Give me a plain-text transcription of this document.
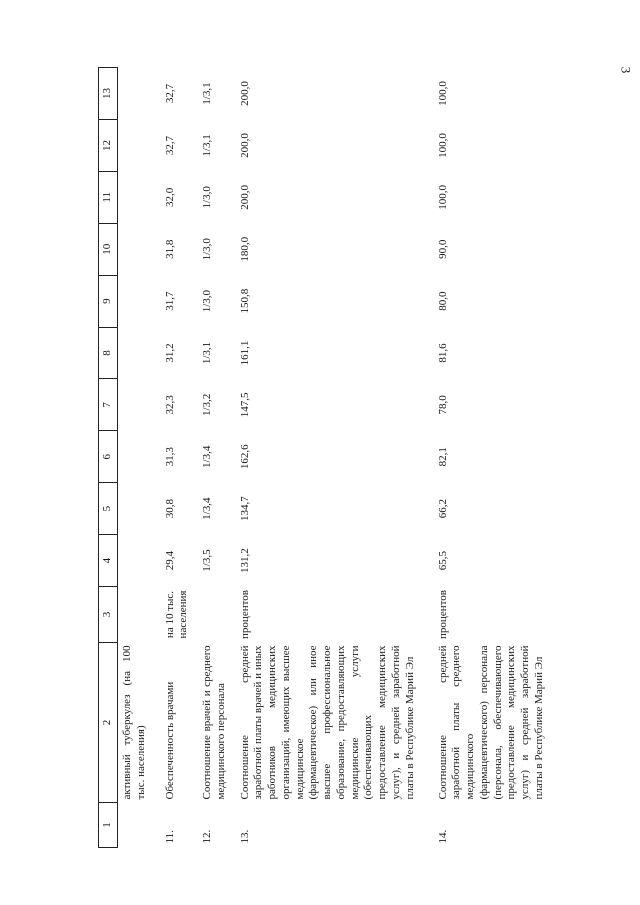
3
1	2	3	4	5	6	7	8	9	10	11	12	13
	активный туберкулез (на 100 тыс. населения)											
11.	Обеспеченность врачами	на 10 тыс. населения	29,4	30,8	31,3	32,3	31,2	31,7	31,8	32,0	32,7	32,7
12.	Соотношение врачей и среднего медицинского персонала		1/3,5	1/3,4	1/3,4	1/3,2	1/3,1	1/3,0	1/3,0	1/3,0	1/3,1	1/3,1
13.	Соотношение средней заработной платы врачей и иных работников медицинских организаций, имеющих высшее медицинское (фармацевтическое) или иное высшее профессиональное образование, предоставляющих медицинские услуги (обеспечивающих предоставление медицинских услуг), и средней заработной платы в Республике Марий Эл	процентов	131,2	134,7	162,6	147,5	161,1	150,8	180,0	200,0	200,0	200,0
14.	Соотношение средней заработной платы среднего медицинского (фармацевтического) персонала (персонала, обеспечивающего предоставление медицинских услуг) и средней заработной платы в Республике Марий Эл	процентов	65,5	66,2	82,1	78,0	81,6	80,0	90,0	100,0	100,0	100,0
